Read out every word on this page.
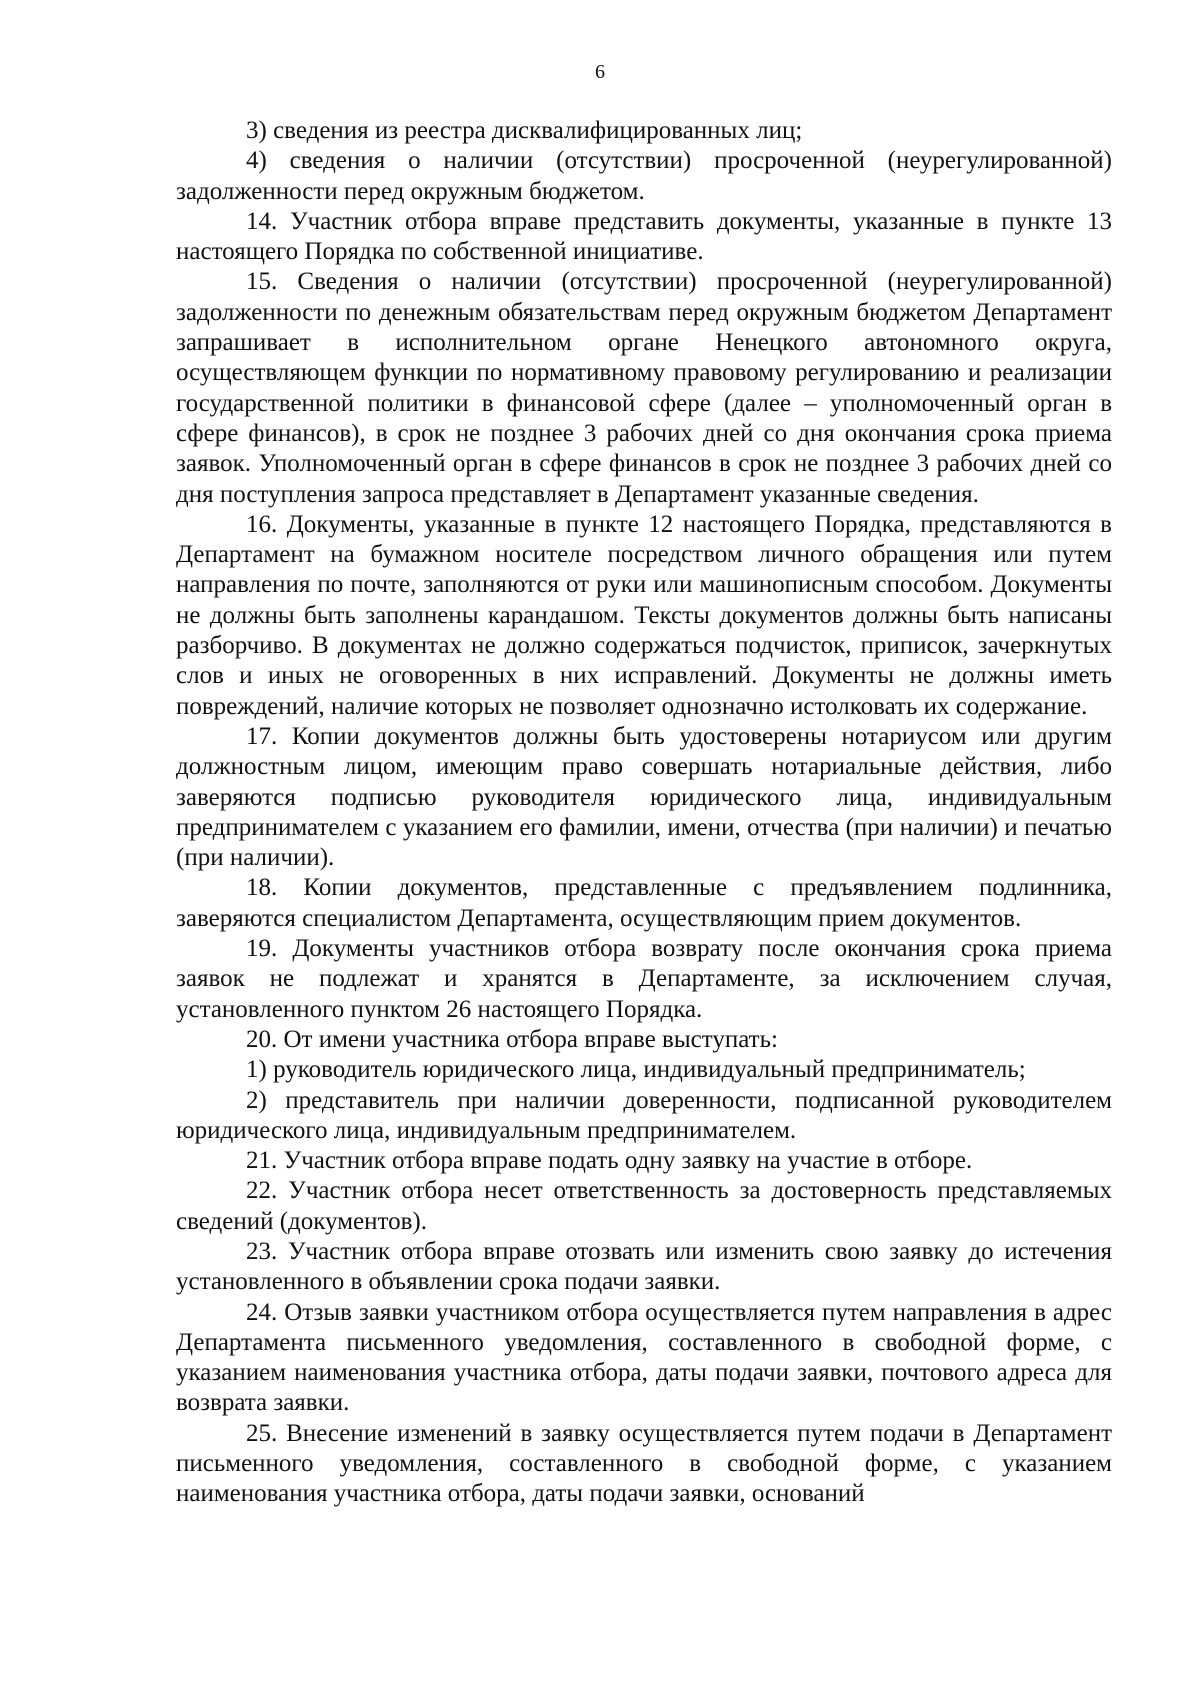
6

3) сведения из реестра дисквалифицированных лиц;

4) сведения о наличии (отсутствии) просроченной (неурегулированной) задолженности перед окружным бюджетом.

14. Участник отбора вправе представить документы, указанные в пункте 13 настоящего Порядка по собственной инициативе.

15. Сведения о наличии (отсутствии) просроченной (неурегулированной) задолженности по денежным обязательствам перед окружным бюджетом Департамент запрашивает в исполнительном органе Ненецкого автономного округа, осуществляющем функции по нормативному правовому регулированию и реализации государственной политики в финансовой сфере (далее – уполномоченный орган в сфере финансов), в срок не позднее 3 рабочих дней со дня окончания срока приема заявок. Уполномоченный орган в сфере финансов в срок не позднее 3 рабочих дней со дня поступления запроса представляет в Департамент указанные сведения.

16. Документы, указанные в пункте 12 настоящего Порядка, представляются в Департамент на бумажном носителе посредством личного обращения или путем направления по почте, заполняются от руки или машинописным способом. Документы не должны быть заполнены карандашом. Тексты документов должны быть написаны разборчиво. В документах не должно содержаться подчисток, приписок, зачеркнутых слов и иных не оговоренных в них исправлений. Документы не должны иметь повреждений, наличие которых не позволяет однозначно истолковать их содержание.

17. Копии документов должны быть удостоверены нотариусом или другим должностным лицом, имеющим право совершать нотариальные действия, либо заверяются подписью руководителя юридического лица, индивидуальным предпринимателем с указанием его фамилии, имени, отчества (при наличии) и печатью (при наличии).

18. Копии документов, представленные с предъявлением подлинника, заверяются специалистом Департамента, осуществляющим прием документов.

19. Документы участников отбора возврату после окончания срока приема заявок не подлежат и хранятся в Департаменте, за исключением случая, установленного пунктом 26 настоящего Порядка.

20. От имени участника отбора вправе выступать:

1) руководитель юридического лица, индивидуальный предприниматель;

2) представитель при наличии доверенности, подписанной руководителем юридического лица, индивидуальным предпринимателем.

21. Участник отбора вправе подать одну заявку на участие в отборе.

22. Участник отбора несет ответственность за достоверность представляемых сведений (документов).

23. Участник отбора вправе отозвать или изменить свою заявку до истечения установленного в объявлении срока подачи заявки.

24. Отзыв заявки участником отбора осуществляется путем направления в адрес Департамента письменного уведомления, составленного в свободной форме, с указанием наименования участника отбора, даты подачи заявки, почтового адреса для возврата заявки.

25. Внесение изменений в заявку осуществляется путем подачи в Департамент письменного уведомления, составленного в свободной форме, с указанием наименования участника отбора, даты подачи заявки, оснований
